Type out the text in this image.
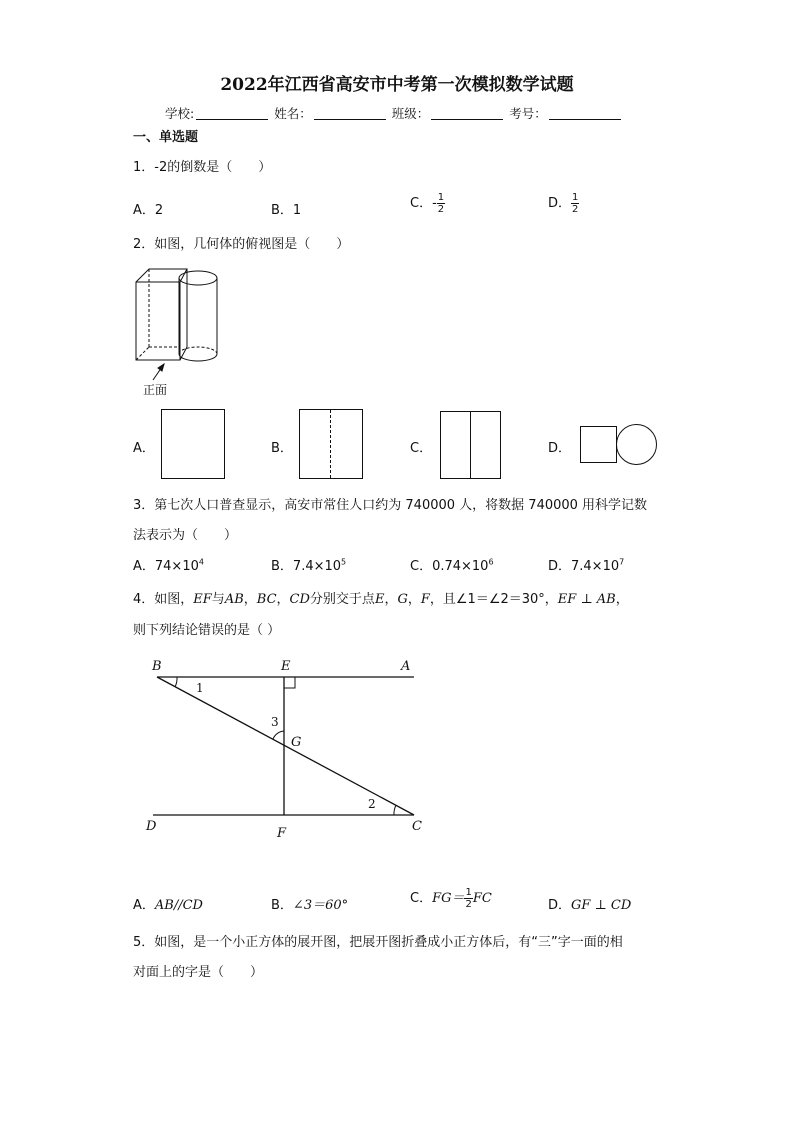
2022年江西省高安市中考第一次模拟数学试题
学校:	姓名：	班级：	考号：
一、单选题
1．-2的倒数是（　　）
A．2	B．1	C．- $\frac{1}{2}$	D． $\frac{1}{2}$
2．如图，几何体的俯视图是（　　）
正面
A．	B．	C．	D．
3．第七次人口普查显示，高安市常住人口约为 740000 人，将数据 740000 用科学记数
法表示为（　　）
A．$74\times 10^4$	B．$7.4\times 10^5$	C．$0.74\times 10^6$	D．$7.4\times 10^7$
4．如图，EF与AB，BC，CD分别交于点E，G，F，且∠1＝∠2＝30°，EF ⊥ AB，
则下列结论错误的是（ ）
B	E	A
G
D	F	C
1
3
2
A．AB//CD	B．∠3＝60°	C．$FG= \frac{1}{2}$ FC	D．GF ⊥ CD
5．如图，是一个小正方体的展开图，把展开图折叠成小正方体后，有“三”字一面的相
对面上的字是（　　）
